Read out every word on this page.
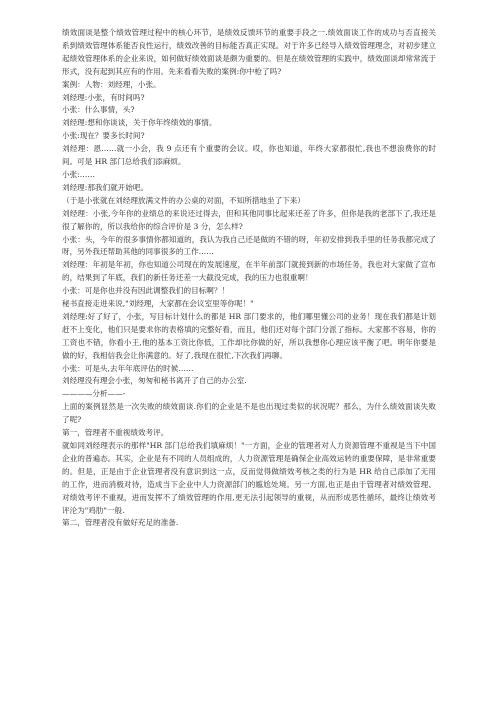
绩效面谈是整个绩效管理过程中的核心环节，是绩效反馈环节的重要手段之一.绩效面谈工作的成功与否直接关系到绩效管理体系能否良性运行，绩效改善的目标能否真正实现。对于许多已经导入绩效管理理念，对初步建立起绩效管理体系的企业来说，如何做好绩效面谈是颇为重要的。但是在绩效管理的实践中，绩效面谈却常常流于形式，没有起到其应有的作用。先来看看失败的案例:你中枪了吗?

案例：人物：刘经理，小张。

刘经理:小张，有时间吗?

小张：什么事情，头?

刘经理:想和你谈谈，关于你年终绩效的事情。

小张:现在？要多长时间?

刘经理：恩……就一小会，我 9 点还有个重要的会议。哎，你也知道，年终大家都很忙,我也不想浪费你的时间。可是 HR 部门总给我们添麻烦。

小张:……

刘经理:那我们就开始吧。

（于是小张就在刘经理放满文件的办公桌的对面，不知所措地坐了下来）

刘经理：小张,今年你的业绩总的来说还过得去，但和其他同事比起来还差了许多，但你是我的老部下了,我还是很了解你的，所以我给你的综合评价是 3 分，怎么样?

小张：头，今年的很多事情你都知道的，我认为我自己还是做的不错的呀，年初安排到我手里的任务我都完成了呀，另外我还帮助其他的同事很多的工作……

刘经理：年初是年初，你也知道公司现在的发展速度，在半年前部门就接到新的市场任务，我也对大家做了宣布的，结果到了年底，我们的新任务还差一大截没完成，我的压力也很重啊！

小张：可是你也并没有因此调整我们的目标啊？！

秘书直接走进来说,"刘经理，大家都在会议室里等你呢！"

刘经理:好了好了，小张，写目标计划什么的都是 HR 部门要求的，他们哪里懂公司的业务！现在我们都是计划赶不上变化，他们只是要求你的表格填的完整好看，而且，他们还对每个部门分派了指标。大家都不容易，你的工资也不错，你看小王,他的基本工资比你低，工作却比你做的好，所以我想你心理应该平衡了吧。明年你要是做的好，我相信我会让你满意的。好了,我现在很忙,下次我们再聊。

小张：可是头,去年年底评估的时候……

刘经理没有理会小张，匆匆和秘书离开了自己的办公室.

————分析——-

上面的案例显然是一次失败的绩效面谈.你们的企业是不是也出现过类似的状况呢？那么，为什么绩效面谈失败了呢?

第一，管理者不重视绩效考评。

就如同刘经理表示的那样"HR 部门总给我们填麻烦！"一方面，企业的管理者对人力资源管理不重视是当下中国企业的普遍态。其实，企业是有不同的人员组成的，人力资源管理是确保企业高效运转的重要保障，是非常重要的。但是，正是由于企业管理者没有意识到这一点，反而觉得做绩效考核之类的行为是 HR 给自己添加了无用的工作，进而消极对待，造成当下企业中人力资源部门的尴尬处境。另一方面,也正是由于管理者对绩效管理、对绩效考评不重视，进而发挥不了绩效管理的作用,更无法引起领导的重视，从而形成恶性循环，最终让绩效考评沦为"鸡肋"一般.

第二，管理者没有做好充足的准备.
